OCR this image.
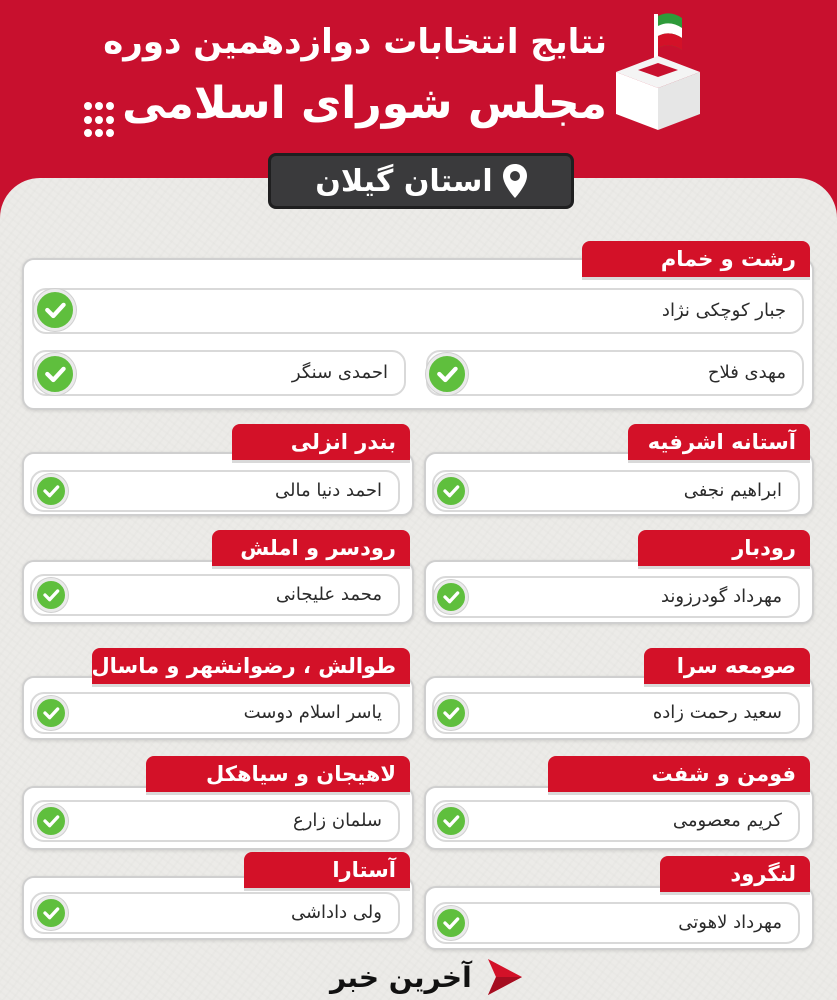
نتایج انتخابات دوازدهمین دوره
مجلس شورای اسلامی
استان گیلان
رشت و خمام
جبار کوچکی نژاد
مهدی فلاح
احمدی سنگر
آستانه اشرفیه
ابراهیم نجفی
بندر انزلی
احمد دنیا مالی
رودبار
مهرداد گودرزوند
رودسر و املش
محمد علیجانی
صومعه سرا
سعید رحمت زاده
طوالش ، رضوانشهر و ماسال
یاسر اسلام دوست
فومن و شفت
کریم معصومی
لاهیجان و سیاهکل
سلمان زارع
لنگرود
مهرداد لاهوتی
آستارا
ولی داداشی
آخرین خبر
